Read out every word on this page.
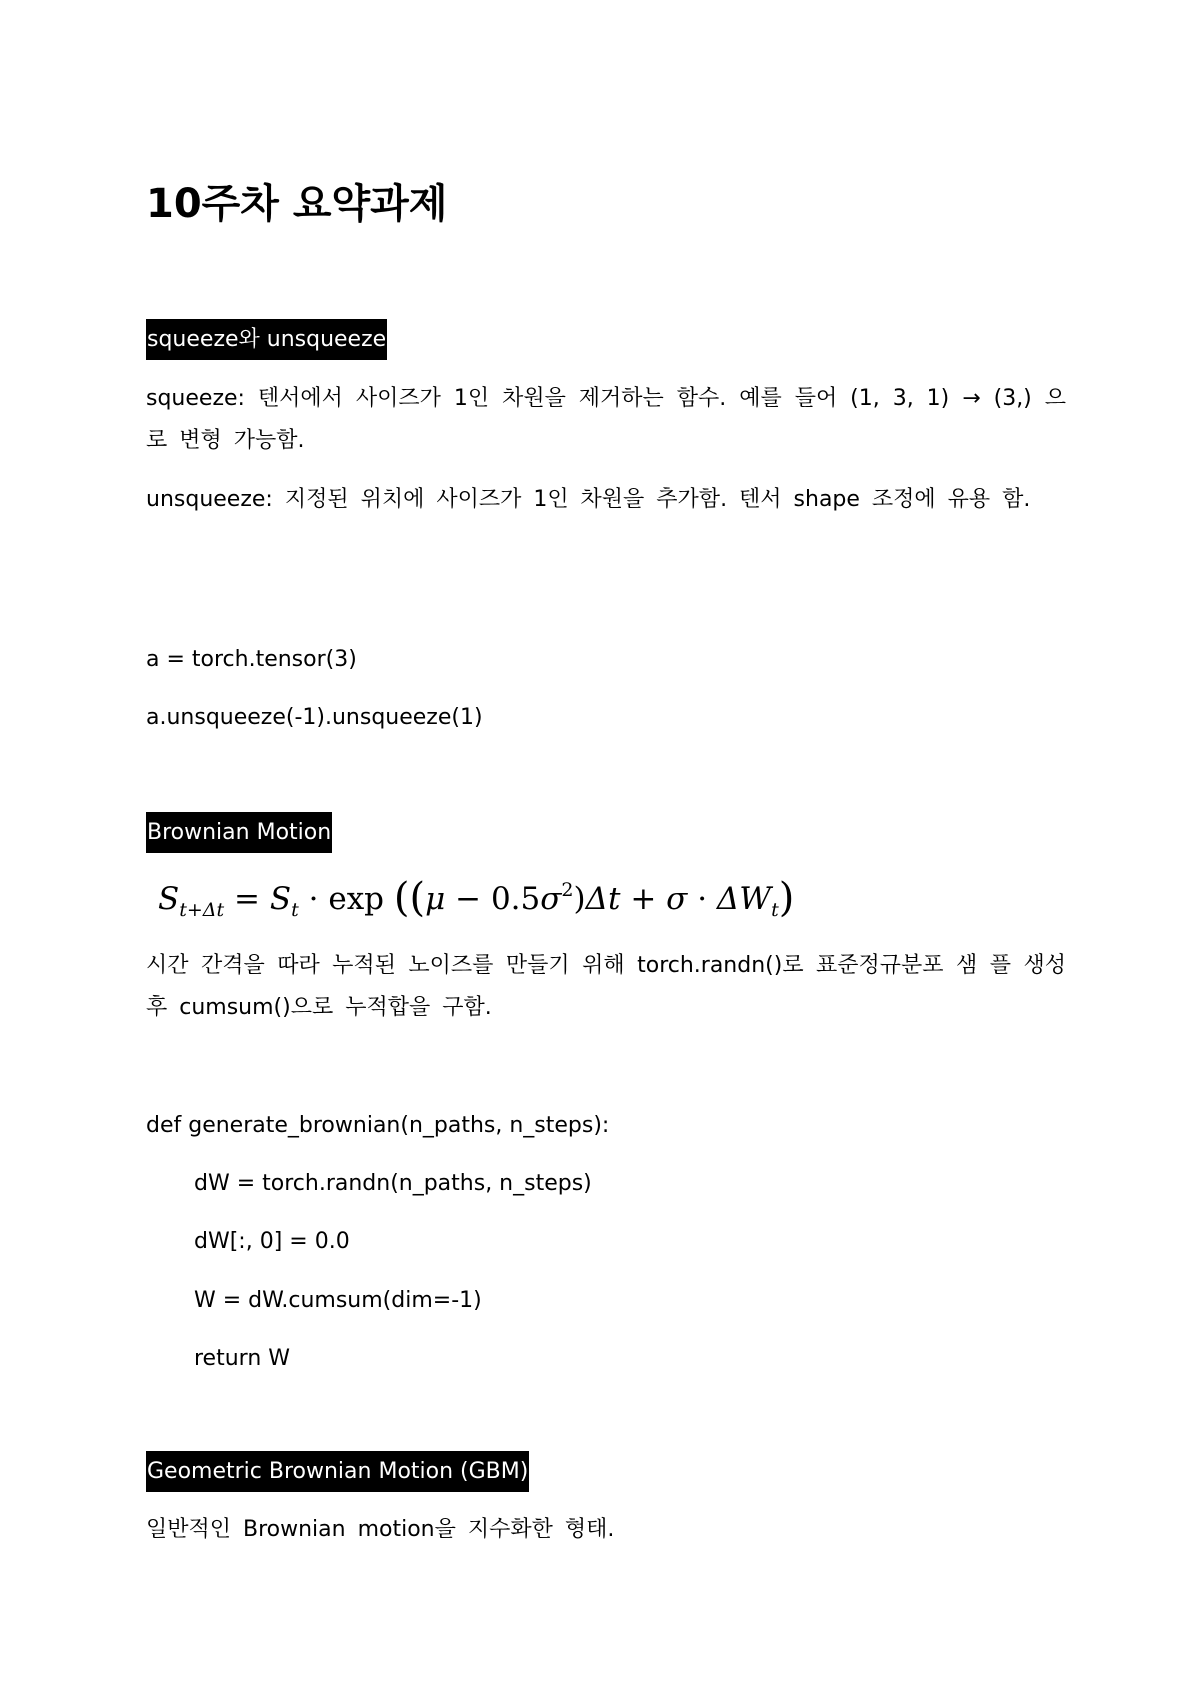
10주차 요약과제
squeeze와 unsqueeze
squeeze: 텐서에서 사이즈가 1인 차원을 제거하는 함수. 예를 들어 (1, 3, 1) → (3,) 으로 변형 가능함.
unsqueeze: 지정된 위치에 사이즈가 1인 차원을 추가함. 텐서 shape 조정에 유용 함.
a = torch.tensor(3)
a.unsqueeze(-1).unsqueeze(1)
Brownian Motion
$S_{t+\Delta t} = S_t \cdot \exp ((\mu - 0.5\sigma^2)\Delta t + \sigma \cdot \Delta W_t)$
시간 간격을 따라 누적된 노이즈를 만들기 위해 torch.randn()로 표준정규분포 샘 플 생성 후 cumsum()으로 누적합을 구함.
def generate_brownian(n_paths, n_steps):
dW = torch.randn(n_paths, n_steps)
dW[:, 0] = 0.0
W = dW.cumsum(dim=-1)
return W
Geometric Brownian Motion (GBM)
일반적인 Brownian motion을 지수화한 형태.
